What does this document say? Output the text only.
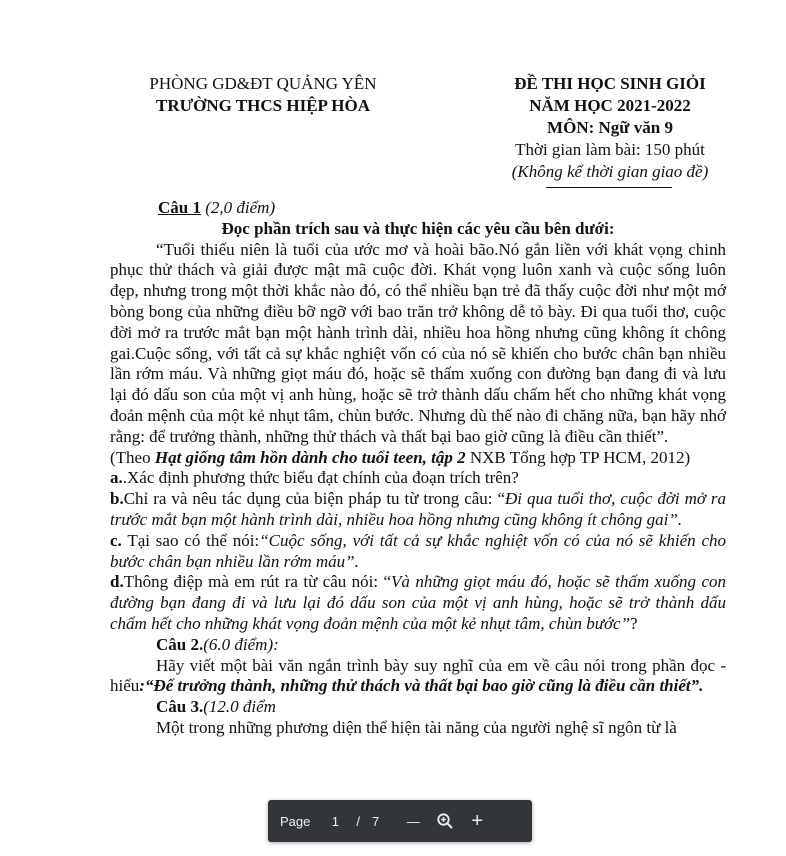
PHÒNG GD&ĐT QUẢNG YÊN
TRƯỜNG THCS HIỆP HÒA
ĐỀ THI HỌC SINH GIỎI
NĂM HỌC 2021-2022
MÔN: Ngữ văn 9
Thời gian làm bài: 150 phút
(Không kể thời gian giao đề)

Câu 1 (2,0 điểm)

Đọc phần trích sau và thực hiện các yêu cầu bên dưới:

“Tuổi thiếu niên là tuổi của ước mơ và hoài bão.Nó gắn liền với khát vọng chinh phục thử thách và giải được mật mã cuộc đời. Khát vọng luôn xanh và cuộc sống luôn đẹp, nhưng trong một thời khắc nào đó, có thể nhiều bạn trẻ đã thấy cuộc đời như một mớ bòng bong của những điều bỡ ngỡ với bao trăn trở không dễ tỏ bày. Đi qua tuổi thơ, cuộc đời mở ra trước mắt bạn một hành trình dài, nhiều hoa hồng nhưng cũng không ít chông gai.Cuộc sống, với tất cả sự khắc nghiệt vốn có của nó sẽ khiến cho bước chân bạn nhiều lần rớm máu. Và những giọt máu đó, hoặc sẽ thấm xuống con đường bạn đang đi và lưu lại đó dấu son của một vị anh hùng, hoặc sẽ trở thành dấu chấm hết cho những khát vọng đoản mệnh của một kẻ nhụt tâm, chùn bước. Nhưng dù thế nào đi chăng nữa, bạn hãy nhớ rằng: để trưởng thành, những thử thách và thất bại bao giờ cũng là điều cần thiết”.

(Theo Hạt giống tâm hồn dành cho tuổi teen, tập 2 NXB Tổng hợp TP HCM, 2012)

a..Xác định phương thức biểu đạt chính của đoạn trích trên?

b.Chỉ ra và nêu tác dụng của biện pháp tu từ trong câu: “Đi qua tuổi thơ, cuộc đời mở ra trước mắt bạn một hành trình dài, nhiều hoa hồng nhưng cũng không ít chông gai”.

c. Tại sao có thể nói:“Cuộc sống, với tất cả sự khắc nghiệt vốn có của nó sẽ khiến cho bước chân bạn nhiều lần rớm máu”.

d.Thông điệp mà em rút ra từ câu nói: “Và những giọt máu đó, hoặc sẽ thấm xuống con đường bạn đang đi và lưu lại đó dấu son của một vị anh hùng, hoặc sẽ trở thành dấu chấm hết cho những khát vọng đoản mệnh của một kẻ nhụt tâm, chùn bước”?

Câu 2.(6.0 điểm):

Hãy viết một bài văn ngắn trình bày suy nghĩ của em về câu nói trong phần đọc - hiểu:“Để trưởng thành, những thử thách và thất bại bao giờ cũng là điều cần thiết”.

Câu 3.(12.0 điểm

Một trong những phương diện thể hiện tài năng của người nghệ sĩ ngôn từ là

Page 1 / 7 —	+
